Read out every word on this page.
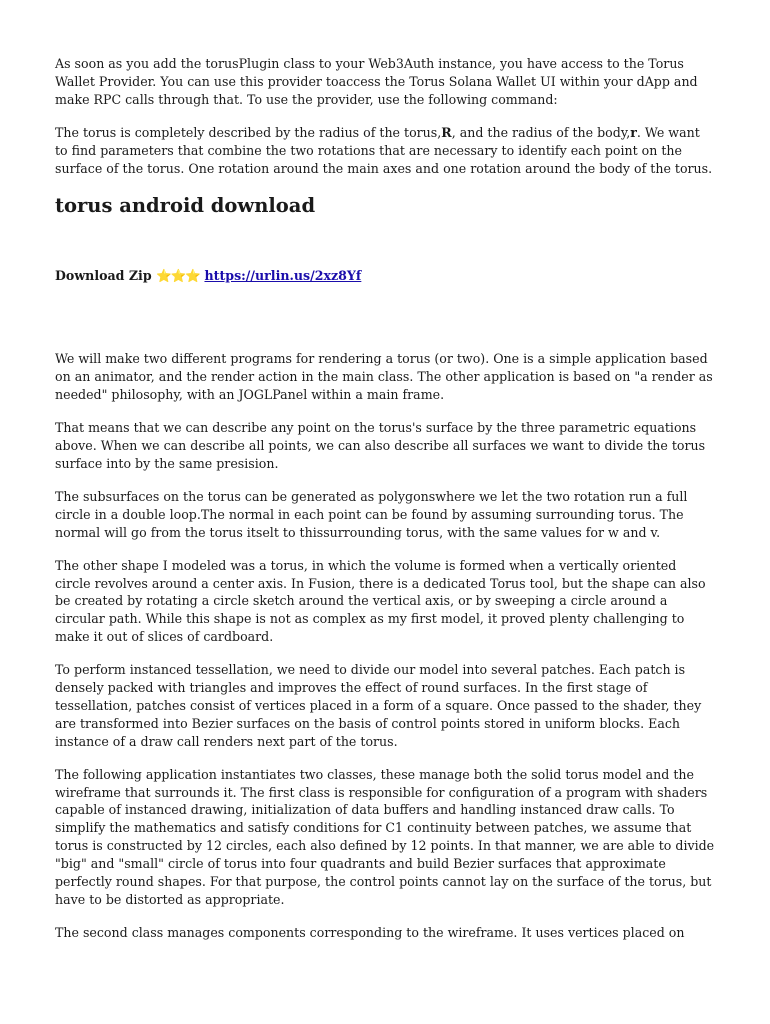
As soon as you add the torusPlugin class to your Web3Auth instance, you have access to the Torus Wallet Provider. You can use this provider toaccess the Torus Solana Wallet UI within your dApp and make RPC calls through that. To use the provider, use the following command:

The torus is completely described by the radius of the torus,R, and the radius of the body,r. We want to find parameters that combine the two rotations that are necessary to identify each point on the surface of the torus. One rotation around the main axes and one rotation around the body of the torus.

torus android download
Download Zip ⭐⭐⭐ https://urlin.us/2xz8Yf

We will make two different programs for rendering a torus (or two). One is a simple application based on an animator, and the render action in the main class. The other application is based on "a render as needed" philosophy, with an JOGLPanel within a main frame.

That means that we can describe any point on the torus's surface by the three parametric equations above. When we can describe all points, we can also describe all surfaces we want to divide the torus surface into by the same presision.

The subsurfaces on the torus can be generated as polygonswhere we let the two rotation run a full circle in a double loop.The normal in each point can be found by assuming surrounding torus. The normal will go from the torus itselt to thissurrounding torus, with the same values for w and v.

The other shape I modeled was a torus, in which the volume is formed when a vertically oriented circle revolves around a center axis. In Fusion, there is a dedicated Torus tool, but the shape can also be created by rotating a circle sketch around the vertical axis, or by sweeping a circle around a circular path. While this shape is not as complex as my first model, it proved plenty challenging to make it out of slices of cardboard.

To perform instanced tessellation, we need to divide our model into several patches. Each patch is densely packed with triangles and improves the effect of round surfaces. In the first stage of tessellation, patches consist of vertices placed in a form of a square. Once passed to the shader, they are transformed into Bezier surfaces on the basis of control points stored in uniform blocks. Each instance of a draw call renders next part of the torus.

The following application instantiates two classes, these manage both the solid torus model and the wireframe that surrounds it. The first class is responsible for configuration of a program with shaders capable of instanced drawing, initialization of data buffers and handling instanced draw calls. To simplify the mathematics and satisfy conditions for C1 continuity between patches, we assume that torus is constructed by 12 circles, each also defined by 12 points. In that manner, we are able to divide "big" and "small" circle of torus into four quadrants and build Bezier surfaces that approximate perfectly round shapes. For that purpose, the control points cannot lay on the surface of the torus, but have to be distorted as appropriate.

The second class manages components corresponding to the wireframe. It uses vertices placed on
